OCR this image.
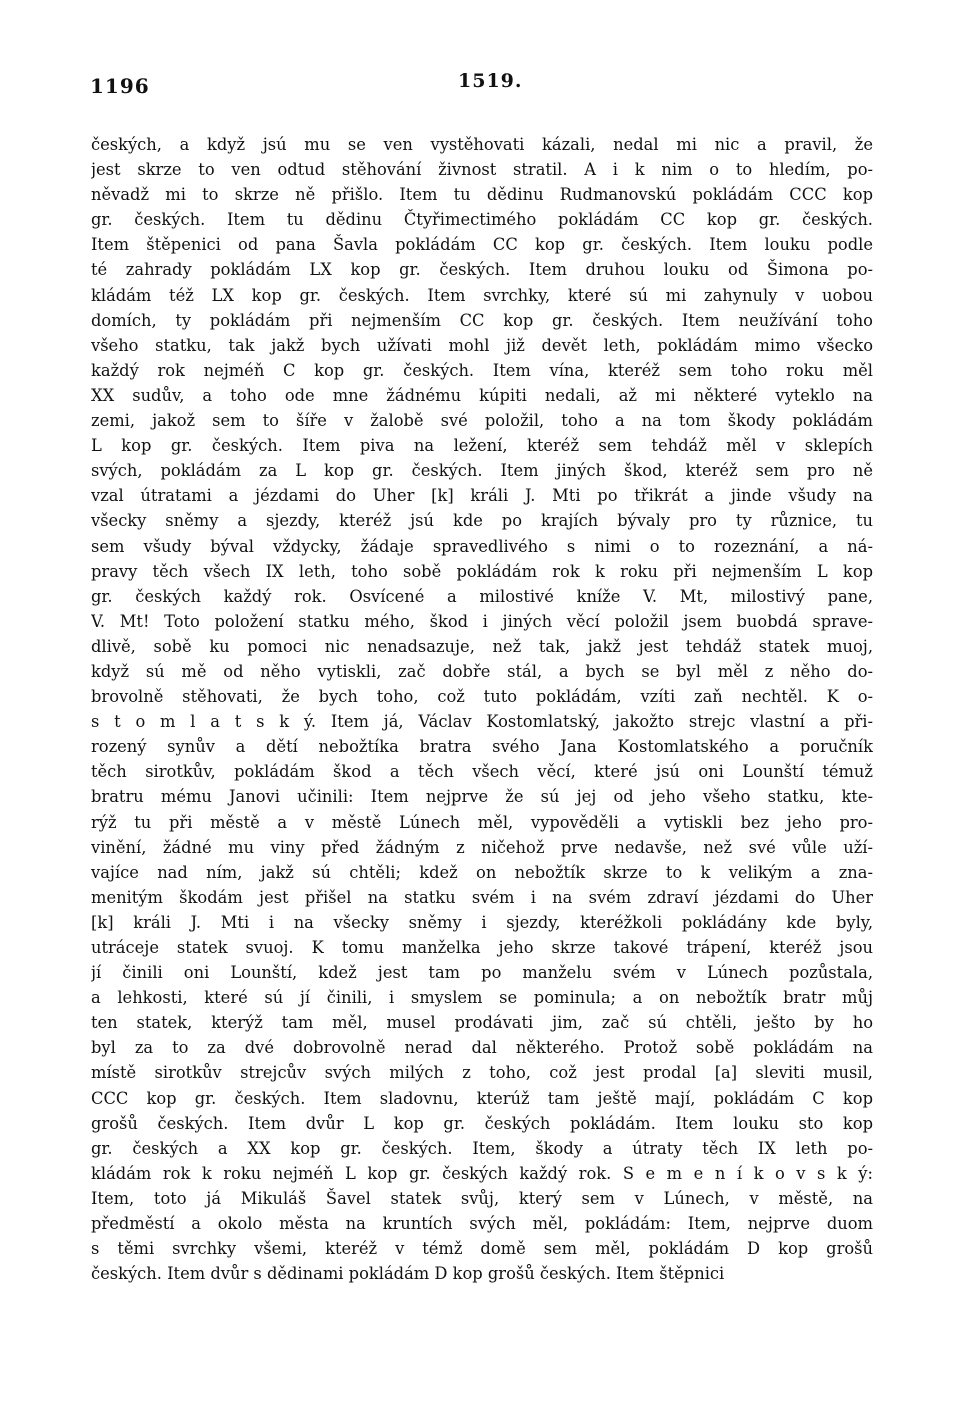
1196	1519.
českých, a když jsú mu se ven vystěhovati kázali, nedal mi nic a pravil, že
jest skrze to ven odtud stěhování živnost stratil. A i k nim o to hledím, po-
něvadž mi to skrze ně přišlo. Item tu dědinu Rudmanovskú pokládám CCC kop
gr. českých. Item tu dědinu Čtyřimectimého pokládám CC kop gr. českých.
Item štěpenici od pana Šavla pokládám CC kop gr. českých. Item louku podle
té zahrady pokládám LX kop gr. českých. Item druhou louku od Šimona po-
kládám též LX kop gr. českých. Item svrchky, které sú mi zahynuly v uobou
domích, ty pokládám při nejmenším CC kop gr. českých. Item neužívání toho
všeho statku, tak jakž bych užívati mohl již devět leth, pokládám mimo všecko
každý rok nejméň C kop gr. českých. Item vína, kteréž sem toho roku měl
XX sudův, a toho ode mne žádnému kúpiti nedali, až mi některé vyteklo na
zemi, jakož sem to šíře v žalobě své položil, toho a na tom škody pokládám
L kop gr. českých. Item piva na ležení, kteréž sem tehdáž měl v sklepích
svých, pokládám za L kop gr. českých. Item jiných škod, kteréž sem pro ně
vzal útratami a jézdami do Uher [k] králi J. Mti po třikrát a jinde všudy na
všecky sněmy a sjezdy, kteréž jsú kde po krajích bývaly pro ty různice, tu
sem všudy býval vždycky, žádaje spravedlivého s nimi o to rozeznání, a ná-
pravy těch všech IX leth, toho sobě pokládám rok k roku při nejmenším L kop
gr. českých každý rok. Osvícené a milostivé kníže V. Mt, milostivý pane,
V. Mt! Toto položení statku mého, škod i jiných věcí položil jsem buobdá spravе-
dlivě, sobě ku pomoci nic nenadsazuje, než tak, jakž jest tehdáž statek muoj,
když sú mě od něho vytiskli, zač dobře stál, a bych se byl měl z něho do-
brovolně stěhovati, že bych toho, což tuto pokládám, vzíti zaň nechtěl. K o-
s t o m l a t s k ý. Item já, Václav Kostomlatský, jakožto strejc vlastní a při-
rozený synův a dětí nebožtíka bratra svého Jana Kostomlatského a poručník
těch sirotkův, pokládám škod a těch všech věcí, které jsú oni Lounští témuž
bratru mému Janovi učinili: Item nejprve že sú jej od jeho všeho statku, kte-
rýž tu při městě a v městě Lúnech měl, vypověděli a vytiskli bez jeho pro-
vinění, žádné mu viny před žádným z ničehož prve nedavše, než své vůle uží-
vajíce nad ním, jakž sú chtěli; kdež on nebožtík skrze to k velikým a zna-
menitým škodám jest přišel na statku svém i na svém zdraví jézdami do Uher
[k] králi J. Mti i na všecky sněmy i sjezdy, kteréžkoli pokládány kde byly,
utráceje statek svuoj. K tomu manželka jeho skrze takové trápení, kteréž jsou
jí činili oni Lounští, kdež jest tam po manželu svém v Lúnech pozůstala,
a lehkosti, které sú jí činili, i smyslem se pominula; a on nebožtík bratr můj
ten statek, kterýž tam měl, musel prodávati jim, zač sú chtěli, ješto by ho
byl za to za dvé dobrovolně nerad dal některého. Protož sobě pokládám na
místě sirotkův strejcův svých milých z toho, což jest prodal [a] sleviti musil,
CCC kop gr. českých. Item sladovnu, kterúž tam ještě mají, pokládám C kop
grošů českých. Item dvůr L kop gr. českých pokládám. Item louku sto kop
gr. českých a XX kop gr. českých. Item, škody a útraty těch IX leth po-
kládám rok k roku nejméň L kop gr. českých každý rok. S e m e n í k o v s k ý:
Item, toto já Mikuláš Šavel statek svůj, který sem v Lúnech, v městě, na
předměstí a okolo města na kruntích svých měl, pokládám: Item, nejprve duom
s těmi svrchky všemi, kteréž v témž domě sem měl, pokládám D kop grošů
českých. Item dvůr s dědinami pokládám D kop grošů českých. Item štěpnici
